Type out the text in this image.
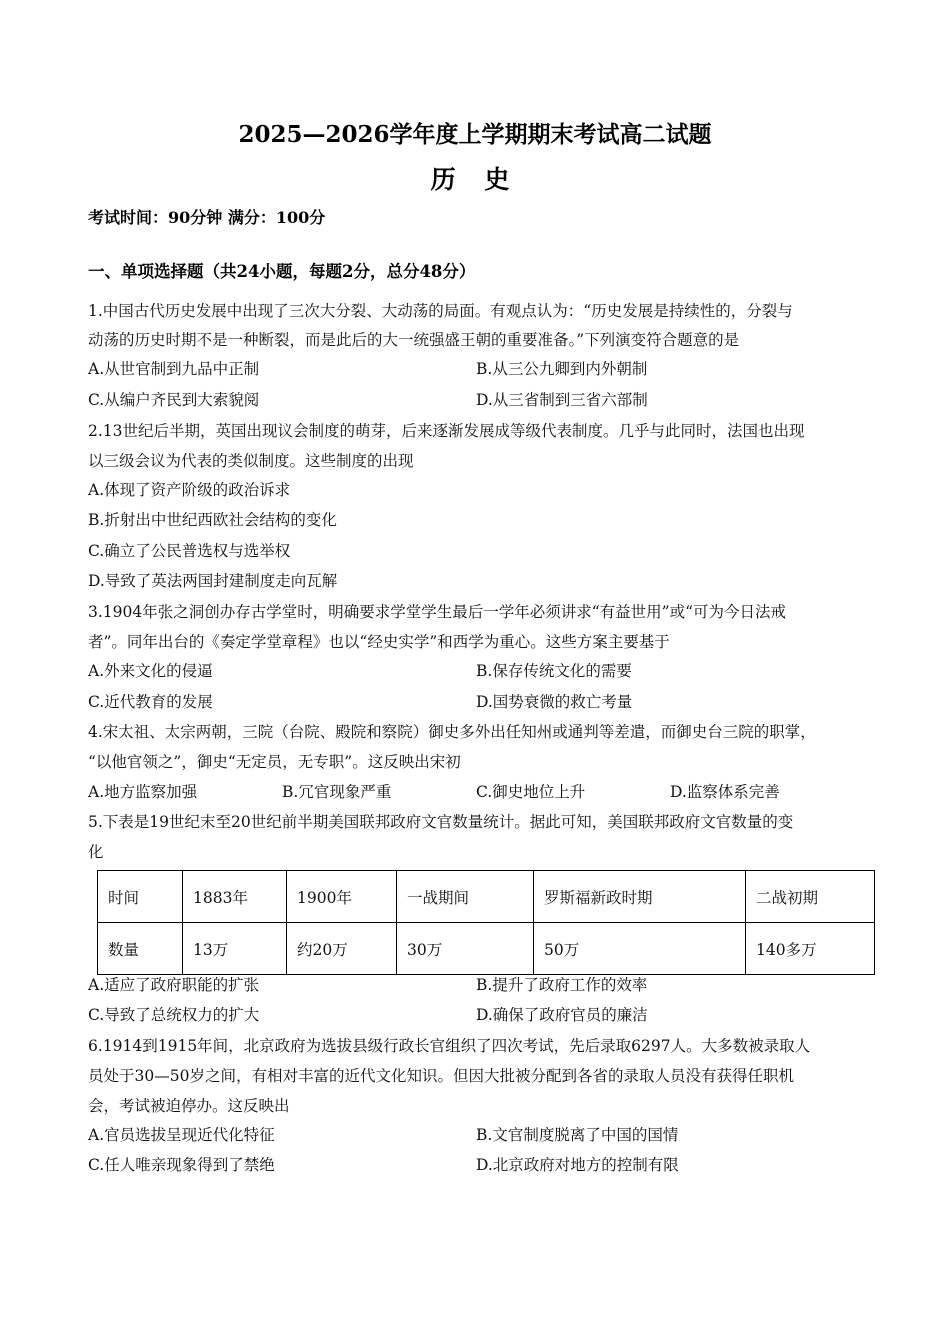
2025—2026学年度上学期期末考试高二试题
历 史
考试时间：90分钟 满分：100分
一、单项选择题（共24小题，每题2分，总分48分）
1.中国古代历史发展中出现了三次大分裂、大动荡的局面。有观点认为：“历史发展是持续性的，分裂与
动荡的历史时期不是一种断裂，而是此后的大一统强盛王朝的重要准备。”下列演变符合题意的是
A.从世官制到九品中正制	B.从三公九卿到内外朝制
C.从编户齐民到大索貌阅	D.从三省制到三省六部制
2.13世纪后半期，英国出现议会制度的萌芽，后来逐渐发展成等级代表制度。几乎与此同时，法国也出现
以三级会议为代表的类似制度。这些制度的出现
A.体现了资产阶级的政治诉求
B.折射出中世纪西欧社会结构的变化
C.确立了公民普选权与选举权
D.导致了英法两国封建制度走向瓦解
3.1904年张之洞创办存古学堂时，明确要求学堂学生最后一学年必须讲求“有益世用”或“可为今日法戒
者”。同年出台的《奏定学堂章程》也以“经史实学”和西学为重心。这些方案主要基于
A.外来文化的侵逼	B.保存传统文化的需要
C.近代教育的发展	D.国势衰微的救亡考量
4.宋太祖、太宗两朝，三院（台院、殿院和察院）御史多外出任知州或通判等差遣，而御史台三院的职掌，
“以他官领之”，御史“无定员，无专职”。这反映出宋初
A.地方监察加强	B.冗官现象严重	C.御史地位上升	D.监察体系完善
5.下表是19世纪末至20世纪前半期美国联邦政府文官数量统计。据此可知，美国联邦政府文官数量的变
化
时间	1883年	1900年	一战期间	罗斯福新政时期	二战初期
数量	13万	约20万	30万	50万	140多万
A.适应了政府职能的扩张	B.提升了政府工作的效率
C.导致了总统权力的扩大	D.确保了政府官员的廉洁
6.1914到1915年间，北京政府为选拔县级行政长官组织了四次考试，先后录取6297人。大多数被录取人
员处于30—50岁之间，有相对丰富的近代文化知识。但因大批被分配到各省的录取人员没有获得任职机
会，考试被迫停办。这反映出
A.官员选拔呈现近代化特征	B.文官制度脱离了中国的国情
C.任人唯亲现象得到了禁绝	D.北京政府对地方的控制有限
